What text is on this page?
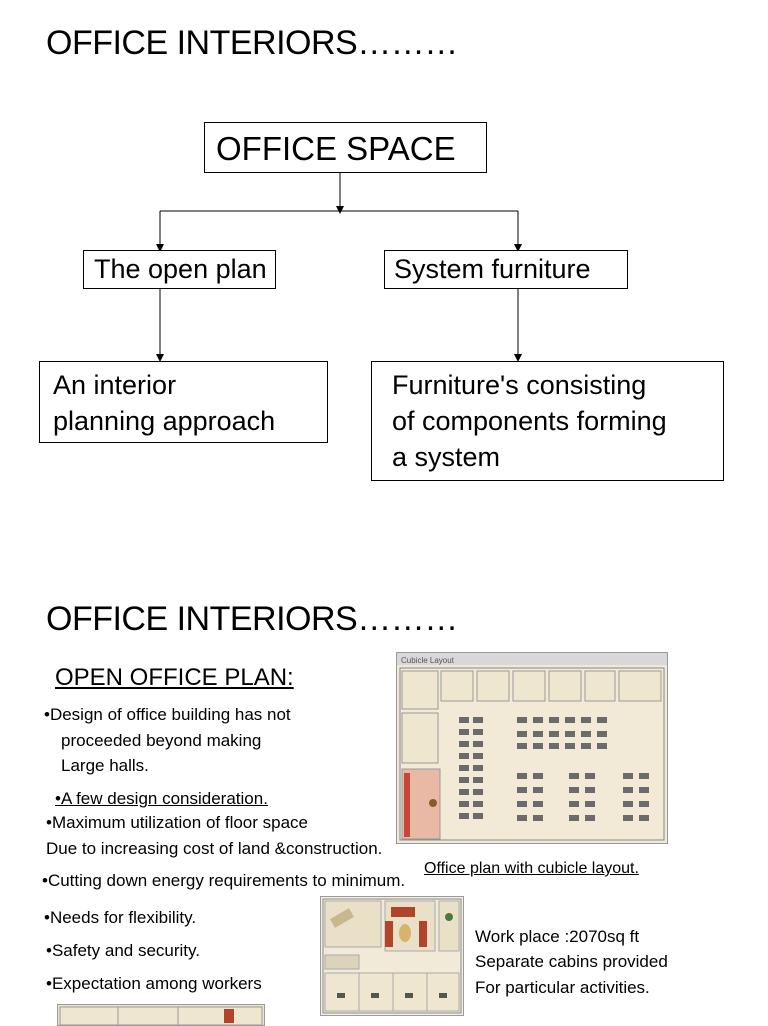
OFFICE INTERIORS………
OFFICE SPACE
The open plan	System furniture
An interior
planning approach
Furniture's consisting
of components forming
a system
OFFICE INTERIORS………
OPEN OFFICE PLAN:
•Design of office building has not
proceeded beyond making
Large halls.
•A few design consideration.
•Maximum utilization of floor space
Due to increasing cost of land &construction.
•Cutting down energy requirements to minimum.
•Needs for flexibility.
•Safety and security.
•Expectation among workers
Cubicle Layout
Office plan with cubicle layout.
Work place :2070sq ft
Separate cabins provided
For particular activities.
